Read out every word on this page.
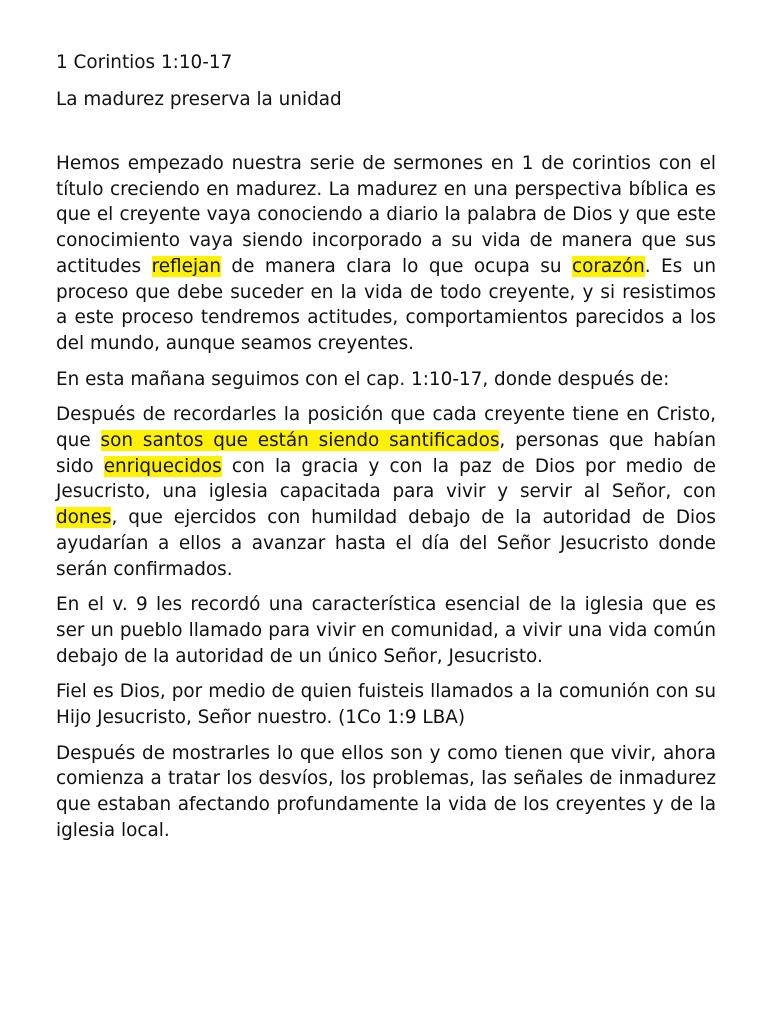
1 Corintios 1:10-17

La madurez preserva la unidad

Hemos empezado nuestra serie de sermones en 1 de corintios con el título creciendo en madurez. La madurez en una perspectiva bíblica es que el creyente vaya conociendo a diario la palabra de Dios y que este conocimiento vaya siendo incorporado a su vida de manera que sus actitudes reflejan de manera clara lo que ocupa su corazón. Es un proceso que debe suceder en la vida de todo creyente, y si resistimos a este proceso tendremos actitudes, comportamientos parecidos a los del mundo, aunque seamos creyentes.

En esta mañana seguimos con el cap. 1:10-17, donde después de:

Después de recordarles la posición que cada creyente tiene en Cristo, que son santos que están siendo santificados, personas que habían sido enriquecidos con la gracia y con la paz de Dios por medio de Jesucristo, una iglesia capacitada para vivir y servir al Señor, con dones, que ejercidos con humildad debajo de la autoridad de Dios ayudarían a ellos a avanzar hasta el día del Señor Jesucristo donde serán confirmados.

En el v. 9 les recordó una característica esencial de la iglesia que es ser un pueblo llamado para vivir en comunidad, a vivir una vida común debajo de la autoridad de un único Señor, Jesucristo.

Fiel es Dios, por medio de quien fuisteis llamados a la comunión con su Hijo Jesucristo, Señor nuestro. (1Co 1:9 LBA)

Después de mostrarles lo que ellos son y como tienen que vivir, ahora comienza a tratar los desvíos, los problemas, las señales de inmadurez que estaban afectando profundamente la vida de los creyentes y de la iglesia local.
